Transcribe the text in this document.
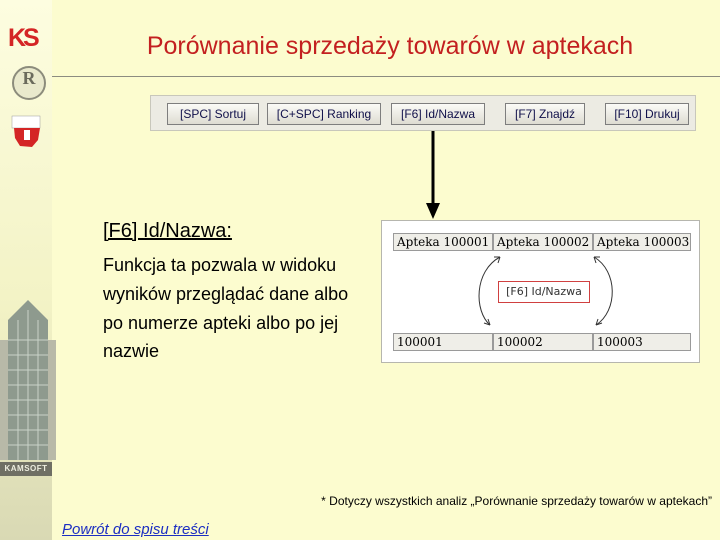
KS
R
KAMSOFT
Porównanie sprzedaży towarów w aptekach
[SPC] Sortuj	[C+SPC] Ranking	[F6] Id/Nazwa	[F7] Znajdź	[F10] Drukuj
[F6] Id/Nazwa:
Funkcja ta pozwala w widoku wyników przeglądać dane albo po numerze apteki albo po jej nazwie
Apteka 100001 Apteka 100002 Apteka 100003
[F6] Id/Nazwa
100001	100002	100003
* Dotyczy wszystkich analiz „Porównanie sprzedaży towarów w aptekach”
Powrót do spisu treści
